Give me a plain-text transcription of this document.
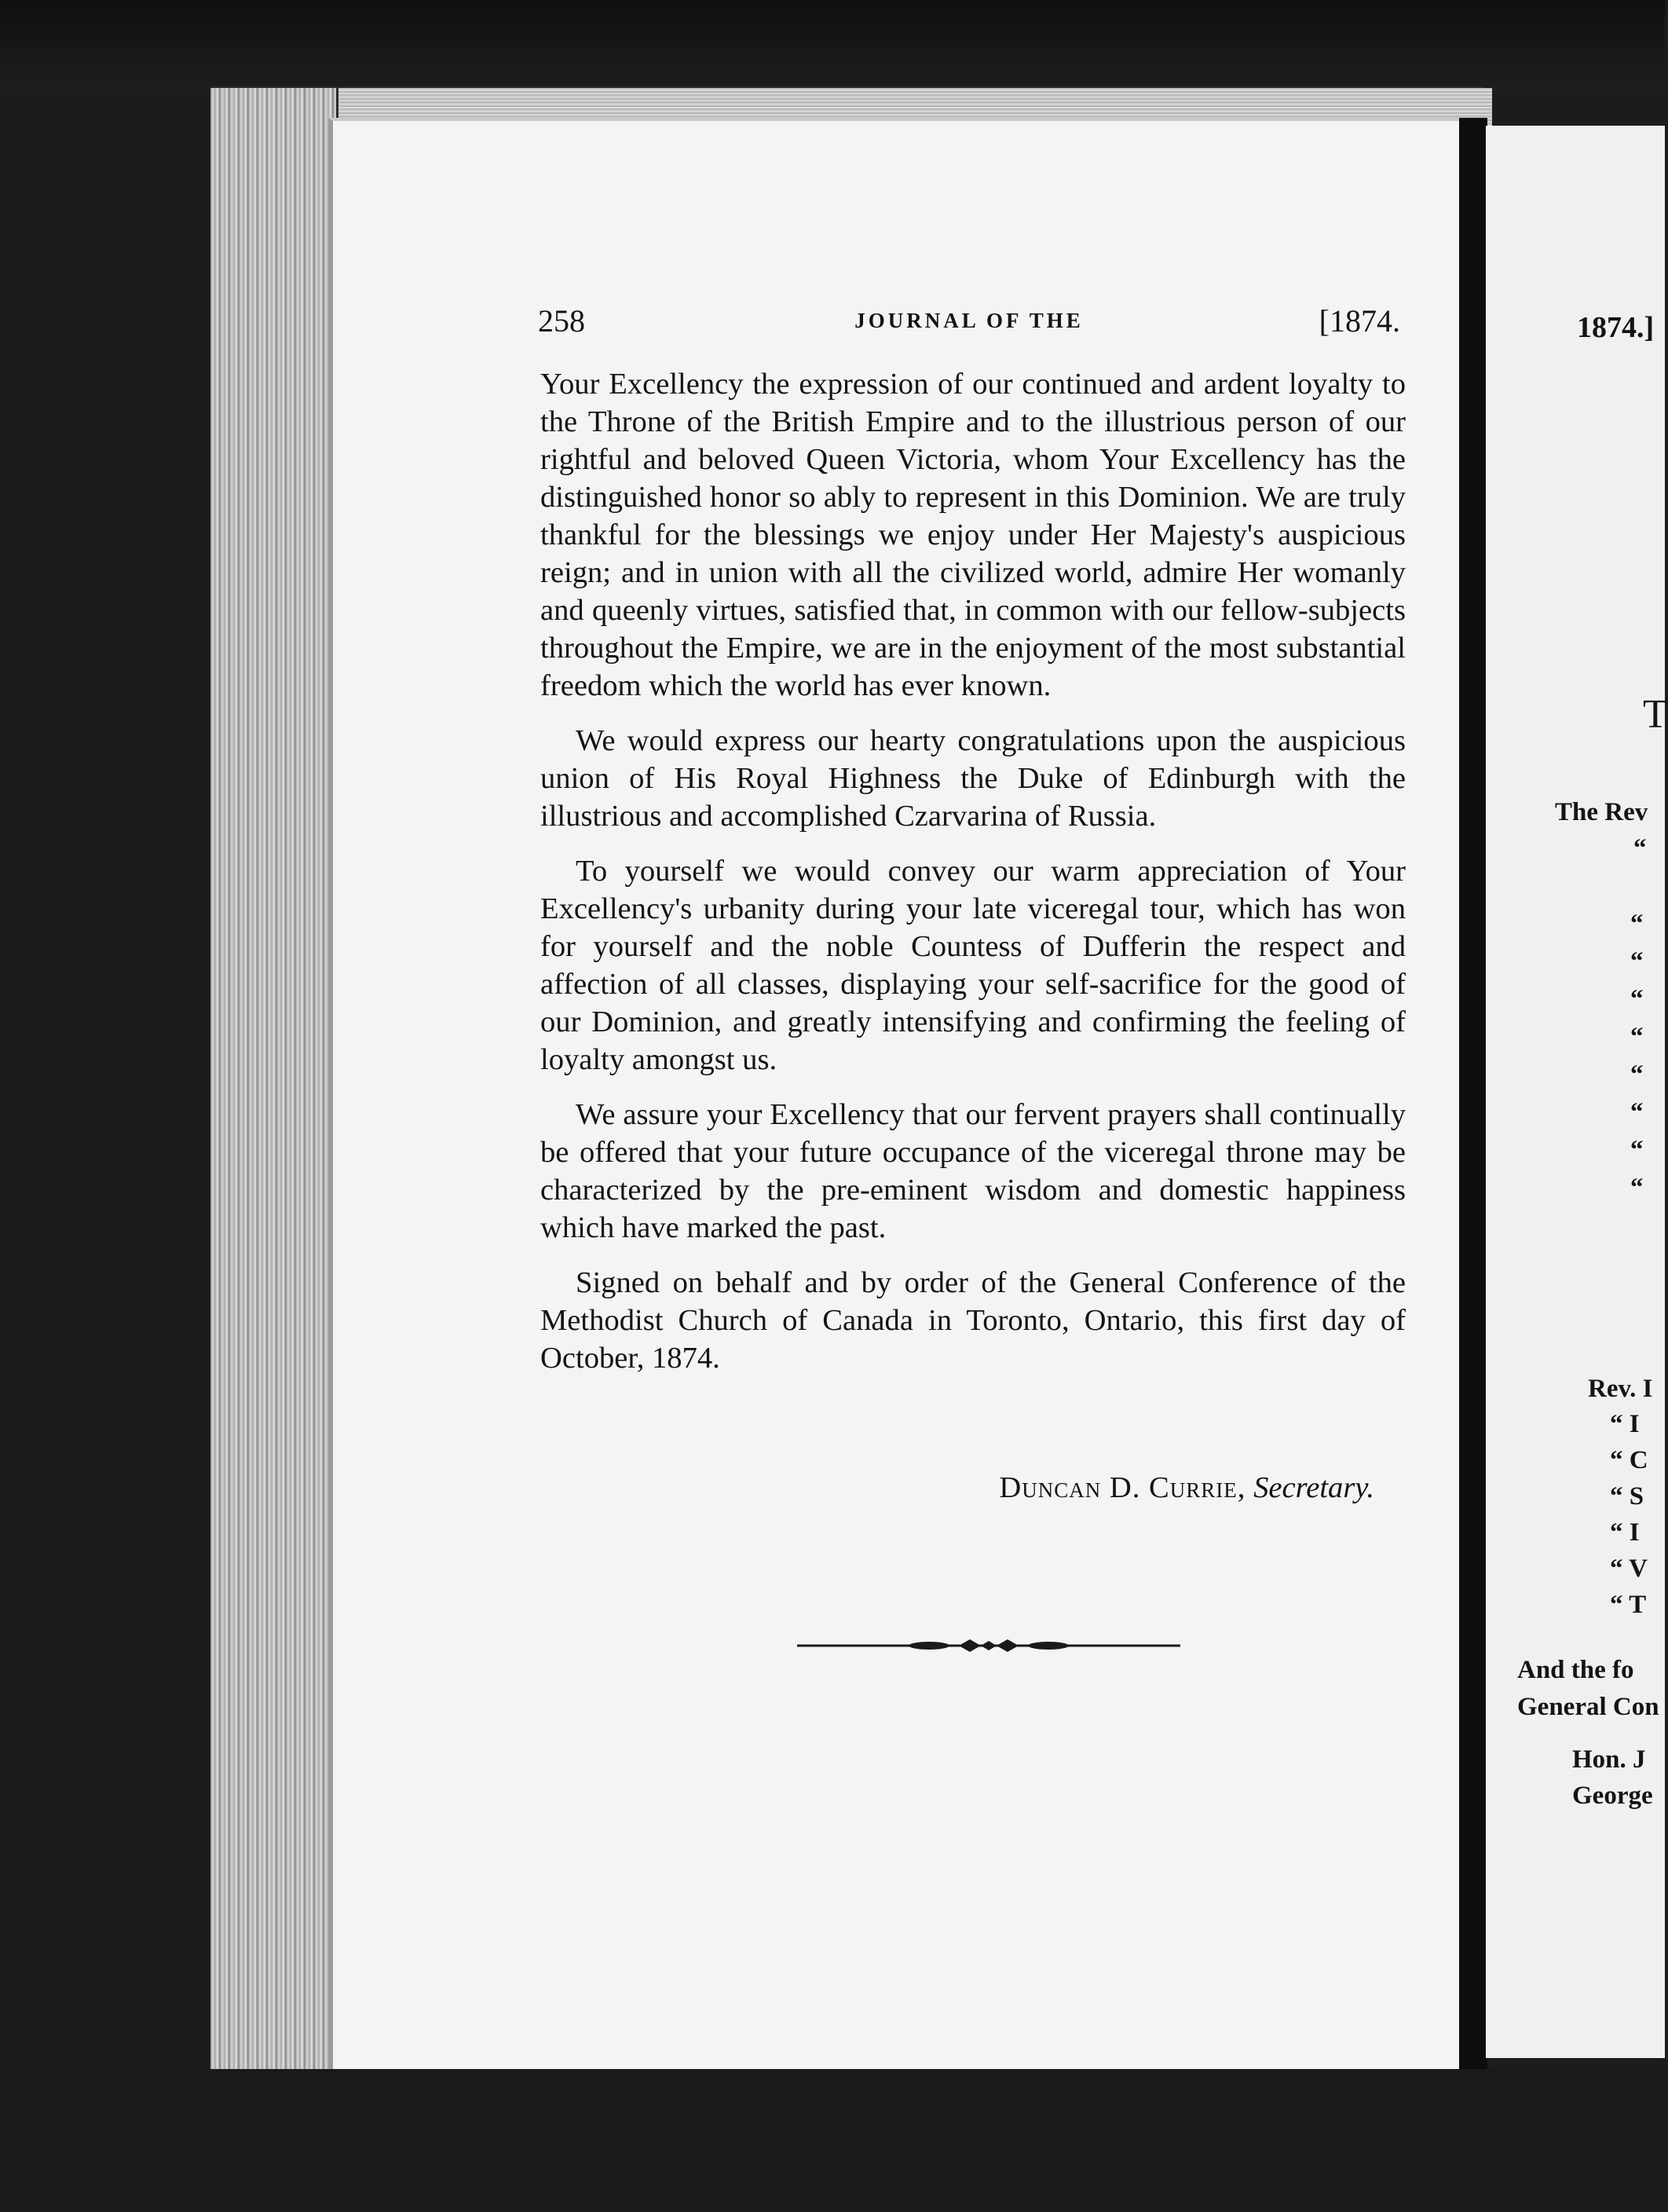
258	JOURNAL OF THE	[1874.

Your Excellency the expression of our continued and ardent loyalty to the Throne of the British Empire and to the illustrious person of our rightful and beloved Queen Victoria, whom Your Excellency has the distinguished honor so ably to represent in this Dominion. We are truly thankful for the blessings we enjoy under Her Majesty's auspicious reign; and in union with all the civilized world, admire Her womanly and queenly virtues, satisfied that, in common with our fellow-subjects throughout the Empire, we are in the enjoyment of the most substantial freedom which the world has ever known.

We would express our hearty congratulations upon the auspicious union of His Royal Highness the Duke of Edinburgh with the illustrious and accomplished Czarvarina of Russia.

To yourself we would convey our warm appreciation of Your Excellency's urbanity during your late viceregal tour, which has won for yourself and the noble Countess of Dufferin the respect and affection of all classes, displaying your self-sacrifice for the good of our Dominion, and greatly intensifying and confirming the feeling of loyalty amongst us.

We assure your Excellency that our fervent prayers shall continually be offered that your future occupance of the viceregal throne may be characterized by the pre-eminent wisdom and domestic happiness which have marked the past.

Signed on behalf and by order of the General Conference of the Methodist Church of Canada in Toronto, Ontario, this first day of October, 1874.

Duncan D. Currie, Secretary.
1874.]
T
The Rev
“
“
“
“
“
“
“
“
“
Rev. I
“ I
“ C
“ S
“ I
“ V
“ T
And the fo
General Con
Hon. J
George
